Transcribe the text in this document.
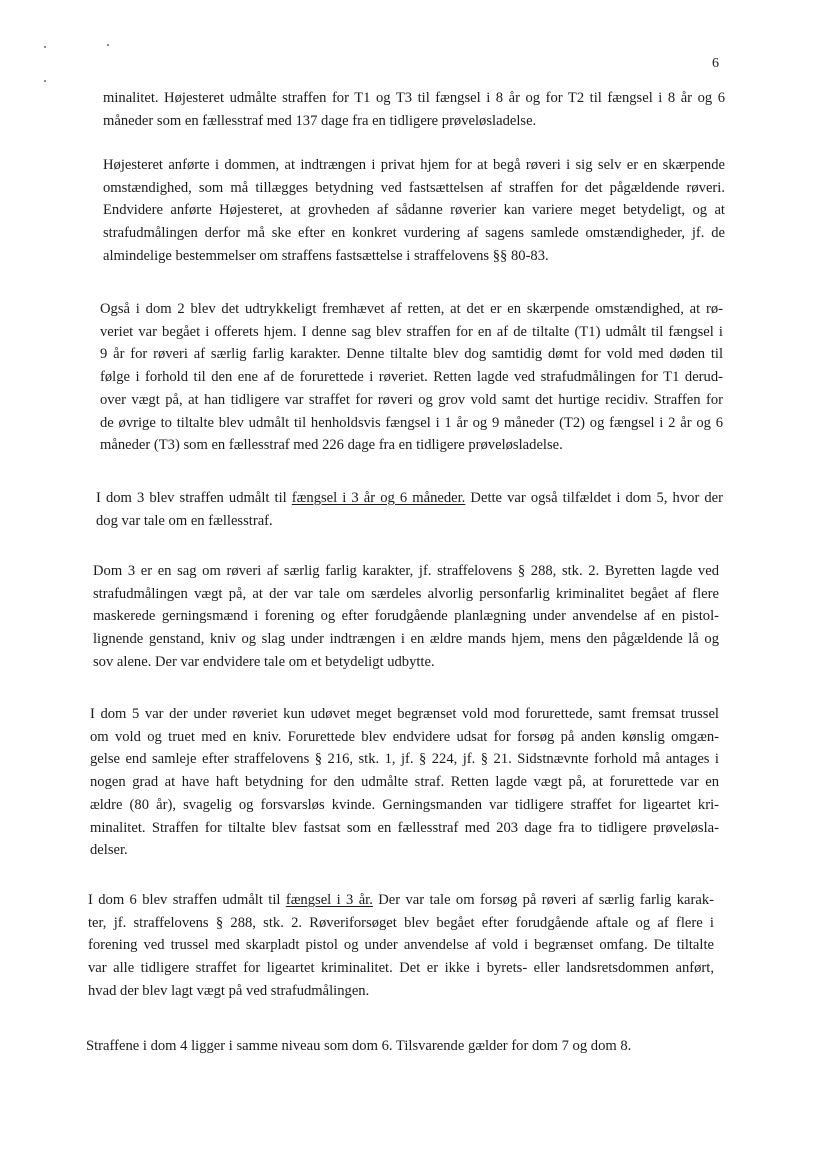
6

minalitet. Højesteret udmålte straffen for T1 og T3 til fængsel i 8 år og for T2 til fængsel i 8 år og 6
måneder som en fællesstraf med 137 dage fra en tidligere prøveløsladelse.

Højesteret anførte i dommen, at indtrængen i privat hjem for at begå røveri i sig selv er en skærpende
omstændighed, som må tillægges betydning ved fastsættelsen af straffen for det pågældende røveri.
Endvidere anførte Højesteret, at grovheden af sådanne røverier kan variere meget betydeligt, og at
strafudmålingen derfor må ske efter en konkret vurdering af sagens samlede omstændigheder, jf. de
almindelige bestemmelser om straffens fastsættelse i straffelovens §§ 80-83.

Også i dom 2 blev det udtrykkeligt fremhævet af retten, at det er en skærpende omstændighed, at rø-
veriet var begået i offerets hjem. I denne sag blev straffen for en af de tiltalte (T1) udmålt til fængsel i
9 år for røveri af særlig farlig karakter. Denne tiltalte blev dog samtidig dømt for vold med døden til
følge i forhold til den ene af de forurettede i røveriet. Retten lagde ved strafudmålingen for T1 derud-
over vægt på, at han tidligere var straffet for røveri og grov vold samt det hurtige recidiv. Straffen for
de øvrige to tiltalte blev udmålt til henholdsvis fængsel i 1 år og 9 måneder (T2) og fængsel i 2 år og 6
måneder (T3) som en fællesstraf med 226 dage fra en tidligere prøveløsladelse.

I dom 3 blev straffen udmålt til fængsel i 3 år og 6 måneder. Dette var også tilfældet i dom 5, hvor der
dog var tale om en fællesstraf.

Dom 3 er en sag om røveri af særlig farlig karakter, jf. straffelovens § 288, stk. 2. Byretten lagde ved
strafudmålingen vægt på, at der var tale om særdeles alvorlig personfarlig kriminalitet begået af flere
maskerede gerningsmænd i forening og efter forudgående planlægning under anvendelse af en pistol-
lignende genstand, kniv og slag under indtrængen i en ældre mands hjem, mens den pågældende lå og
sov alene. Der var endvidere tale om et betydeligt udbytte.

I dom 5 var der under røveriet kun udøvet meget begrænset vold mod forurettede, samt fremsat trussel
om vold og truet med en kniv. Forurettede blev endvidere udsat for forsøg på anden kønslig omgæn-
gelse end samleje efter straffelovens § 216, stk. 1, jf. § 224, jf. § 21. Sidstnævnte forhold må antages i
nogen grad at have haft betydning for den udmålte straf. Retten lagde vægt på, at forurettede var en
ældre (80 år), svagelig og forsvarsløs kvinde. Gerningsmanden var tidligere straffet for ligeartet kri-
minalitet. Straffen for tiltalte blev fastsat som en fællesstraf med 203 dage fra to tidligere prøveløsla-
delser.

I dom 6 blev straffen udmålt til fængsel i 3 år. Der var tale om forsøg på røveri af særlig farlig karak-
ter, jf. straffelovens § 288, stk. 2. Røveriforsøget blev begået efter forudgående aftale og af flere i
forening ved trussel med skarpladt pistol og under anvendelse af vold i begrænset omfang. De tiltalte
var alle tidligere straffet for ligeartet kriminalitet. Det er ikke i byrets- eller landsretsdommen anført,
hvad der blev lagt vægt på ved strafudmålingen.

Straffene i dom 4 ligger i samme niveau som dom 6. Tilsvarende gælder for dom 7 og dom 8.
